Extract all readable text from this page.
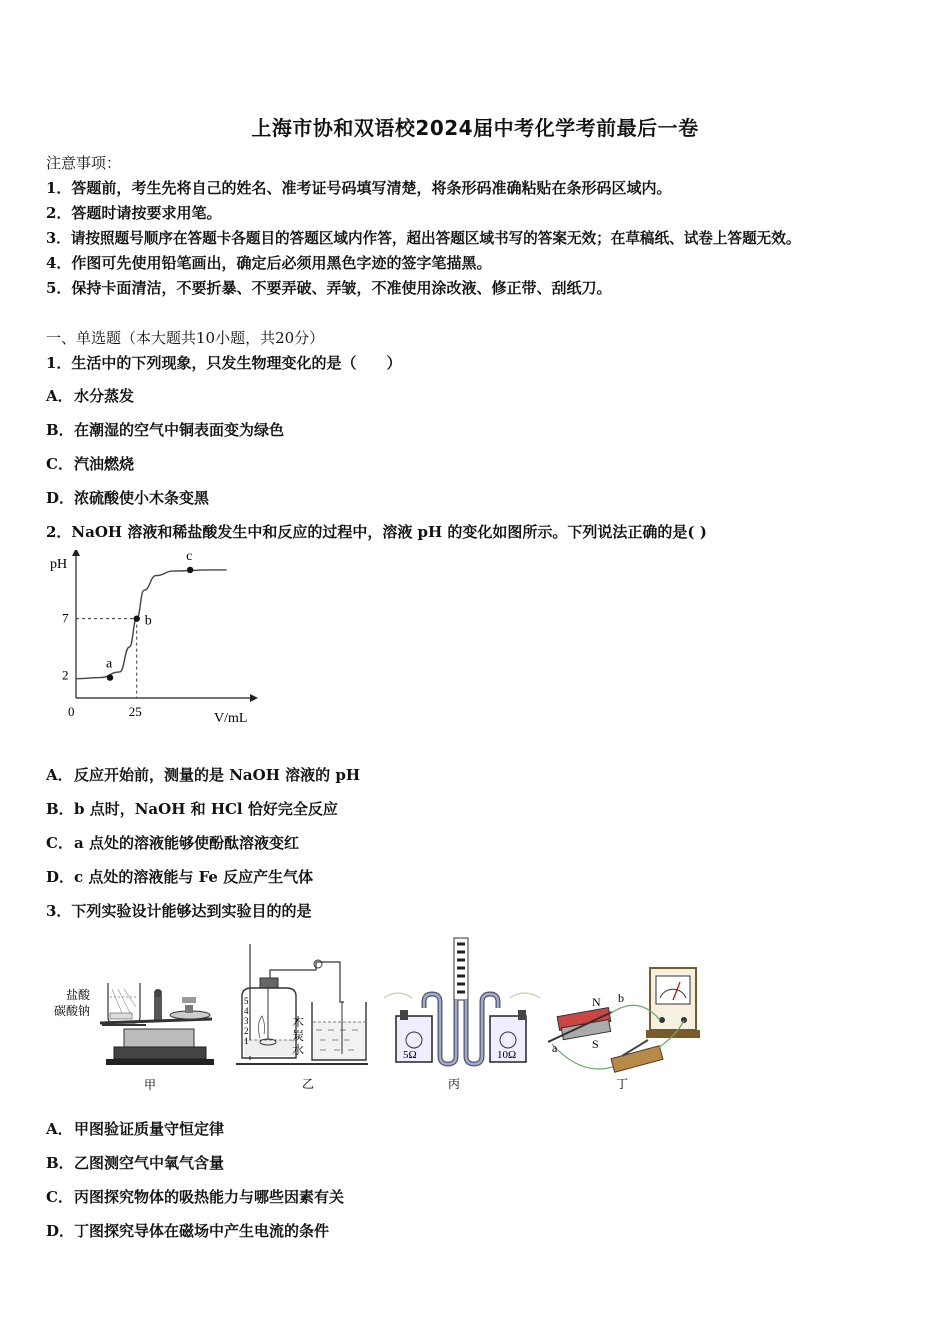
上海市协和双语校2024届中考化学考前最后一卷
注意事项：
1．答题前，考生先将自己的姓名、准考证号码填写清楚，将条形码准确粘贴在条形码区域内。
2．答题时请按要求用笔。
3．请按照题号顺序在答题卡各题目的答题区域内作答，超出答题区域书写的答案无效；在草稿纸、试卷上答题无效。
4．作图可先使用铅笔画出，确定后必须用黑色字迹的签字笔描黑。
5．保持卡面清洁，不要折暴、不要弄破、弄皱，不准使用涂改液、修正带、刮纸刀。
一、单选题（本大题共10小题，共20分）
1．生活中的下列现象，只发生物理变化的是（　　）
A．水分蒸发
B．在潮湿的空气中铜表面变为绿色
C．汽油燃烧
D．浓硫酸使小木条变黑
2．NaOH 溶液和稀盐酸发生中和反应的过程中，溶液 pH 的变化如图所示。下列说法正确的是( )
pH
V/mL
0	25
2
7
a
b
c
A．反应开始前，测量的是 NaOH 溶液的 pH
B．b 点时，NaOH 和 HCl 恰好完全反应
C．a 点处的溶液能够使酚酞溶液变红
D．c 点处的溶液能与 Fe 反应产生气体
3．下列实验设计能够达到实验目的的是
盐酸
碳酸钠
甲
5
4
3
2
1
木
炭
水
乙
5Ω	10Ω
丙
N b
S
a
丁
A．甲图验证质量守恒定律
B．乙图测空气中氧气含量
C．丙图探究物体的吸热能力与哪些因素有关
D．丁图探究导体在磁场中产生电流的条件
